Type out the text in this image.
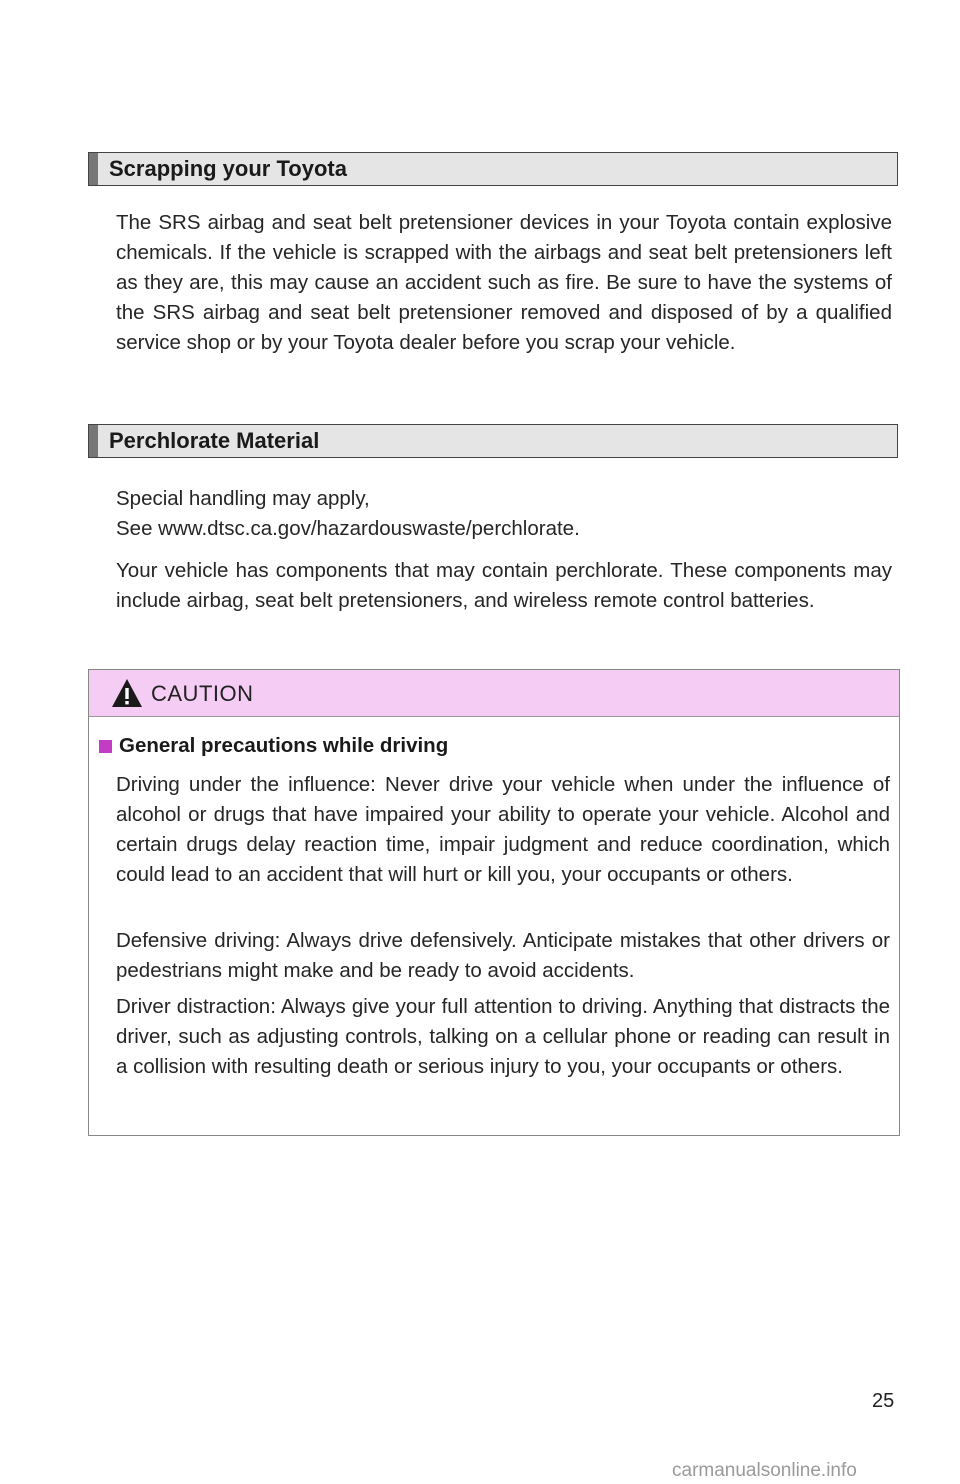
Scrapping your Toyota

The SRS airbag and seat belt pretensioner devices in your Toyota contain explosive chemicals. If the vehicle is scrapped with the airbags and seat belt pretensioners left as they are, this may cause an accident such as fire. Be sure to have the systems of the SRS airbag and seat belt pretensioner removed and disposed of by a qualified service shop or by your Toyota dealer before you scrap your vehicle.

Perchlorate Material

Special handling may apply,

See www.dtsc.ca.gov/hazardouswaste/perchlorate.

Your vehicle has components that may contain perchlorate. These components may include airbag, seat belt pretensioners, and wireless remote control batteries.

CAUTION
General precautions while driving

Driving under the influence: Never drive your vehicle when under the influence of alcohol or drugs that have impaired your ability to operate your vehicle. Alcohol and certain drugs delay reaction time, impair judgment and reduce coordination, which could lead to an accident that will hurt or kill you, your occupants or others.

Defensive driving: Always drive defensively. Anticipate mistakes that other drivers or pedestrians might make and be ready to avoid accidents.

Driver distraction: Always give your full attention to driving. Anything that distracts the driver, such as adjusting controls, talking on a cellular phone or reading can result in a collision with resulting death or serious injury to you, your occupants or others.

25
carmanualsonline.info
